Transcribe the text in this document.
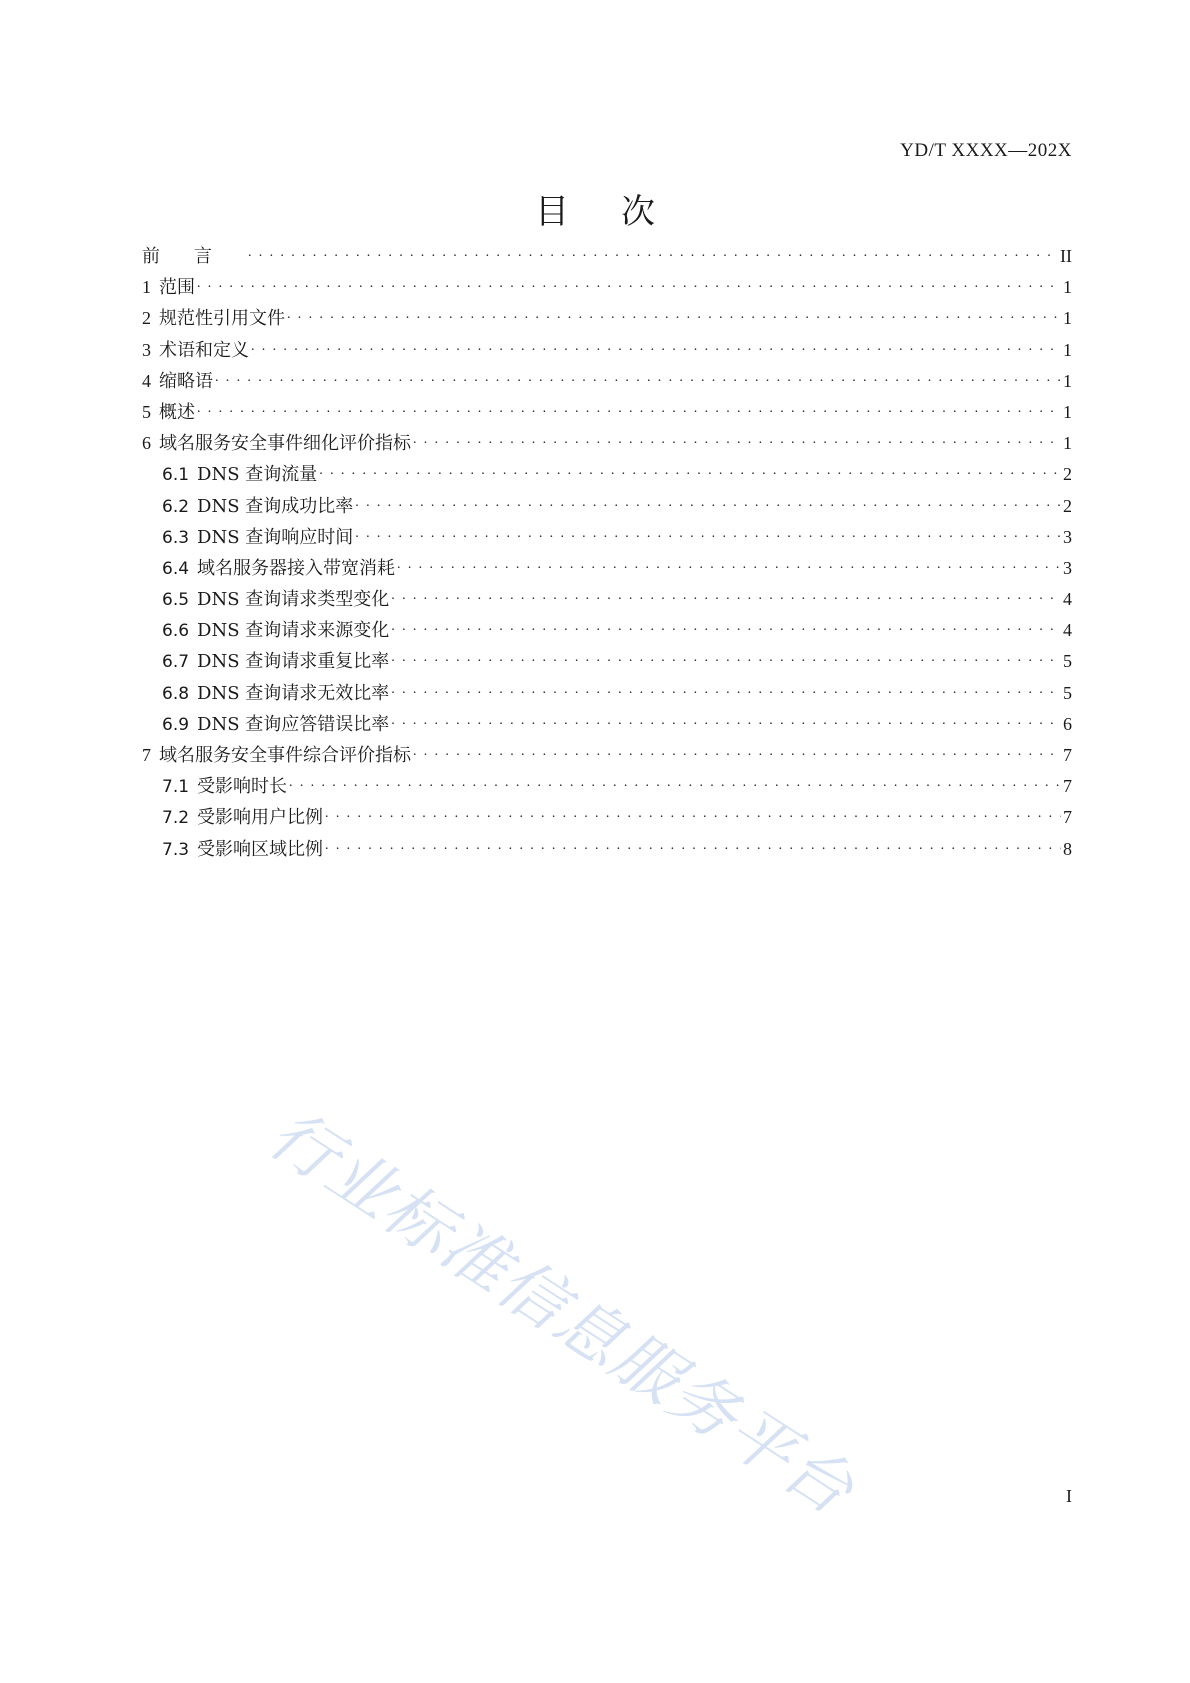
YD/T XXXX—202X
目 次
前言 . . .	II
1 范围 . . .	1
2 规范性引用文件 . . .	1
3 术语和定义 . . .	1
4 缩略语 . . .	1
5 概述 . . .	1
6 域名服务安全事件细化评价指标 . . .	1
6.1 DNS 查询流量 . . .	2
6.2 DNS 查询成功比率 . . .	2
6.3 DNS 查询响应时间 . . .	3
6.4 域名服务器接入带宽消耗 . . .	3
6.5 DNS 查询请求类型变化 . . .	4
6.6 DNS 查询请求来源变化 . . .	4
6.7 DNS 查询请求重复比率 . . .	5
6.8 DNS 查询请求无效比率 . . .	5
6.9 DNS 查询应答错误比率 . . .	6
7 域名服务安全事件综合评价指标 . . .	7
7.1 受影响时长 . . .	7
7.2 受影响用户比例 . . .	7
7.3 受影响区域比例 . . .	8
行业标准信息服务平台	I
